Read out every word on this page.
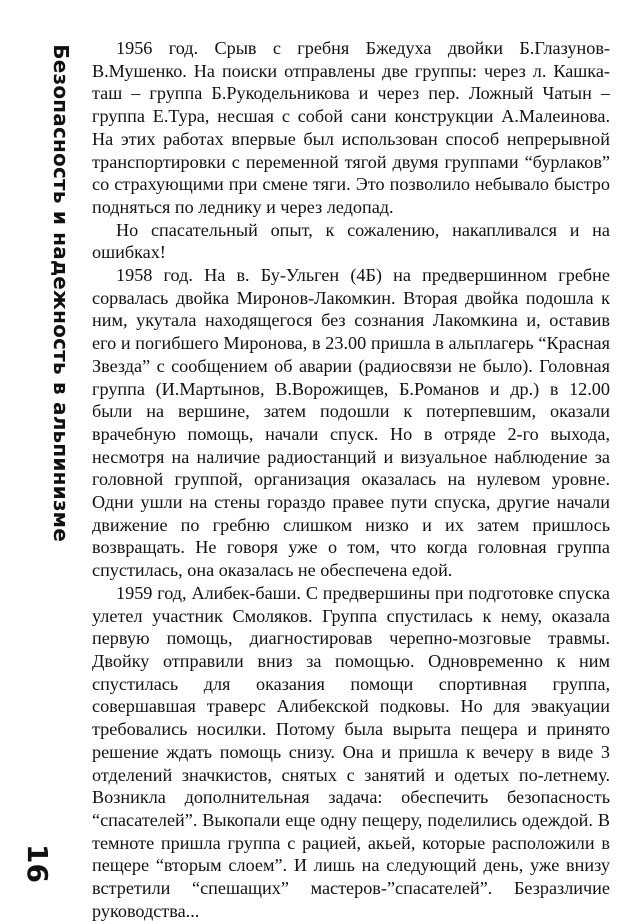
Безопасность и надежность в альпинизме	1956 год. Срыв с гребня Бжедуха двойки Б.Глазунов-В.Мушенко. На поиски отправлены две группы: через л. Кашка-таш – группа Б.Рукодельникова и через пер. Ложный Чатын – группа Е.Тура, несшая с собой сани конструкции А.Малеинова. На этих работах впервые был использован способ непрерывной транспортировки с переменной тягой двумя группами “бурлаков” со страхующими при смене тяги. Это позволило небывало быстро подняться по леднику и через ледопад.

Но спасательный опыт, к сожалению, накапливался и на ошибках!

1958 год. На в. Бу-Ульген (4Б) на предвершинном гребне сорвалась двойка Миронов-Лакомкин. Вторая двойка подошла к ним, укутала находящегося без сознания Лакомкина и, оставив его и погибшего Миронова, в 23.00 пришла в альплагерь “Красная Звезда” с сообщением об аварии (радиосвязи не было). Головная группа (И.Мартынов, В.Ворожищев, Б.Романов и др.) в 12.00 были на вершине, затем подошли к потерпевшим, оказали врачебную помощь, начали спуск. Но в отряде 2-го выхода, несмотря на наличие радиостанций и визуальное наблюдение за головной группой, организация оказалась на нулевом уровне. Одни ушли на стены гораздо правее пути спуска, другие начали движение по гребню слишком низко и их затем пришлось возвращать. Не говоря уже о том, что когда головная группа спустилась, она оказалась не обеспечена едой.

1959 год, Алибек-баши. С предвершины при подготовке спуска улетел участник Смоляков. Группа спустилась к нему, оказала первую помощь, диагностировав черепно-мозговые травмы. Двойку отправили вниз за помощью. Одновременно к ним спустилась для оказания помощи спортивная группа, совершавшая траверс Алибекской подковы. Но для эвакуации требовались носилки. Потому была вырыта пещера и принято решение ждать помощь снизу. Она и пришла к вечеру в виде 3 отделений значкистов, снятых с занятий и одетых по-летнему. Возникла дополнительная задача: обеспечить безопасность “спасателей”. Выкопали еще одну пещеру, поделились одеждой. В темноте пришла группа с рацией, акьей, которые расположили в пещере “вторым слоем”. И лишь на следующий день, уже внизу встретили “спешащих” мастеров-”спасателей”. Безразличие руководства...

16
